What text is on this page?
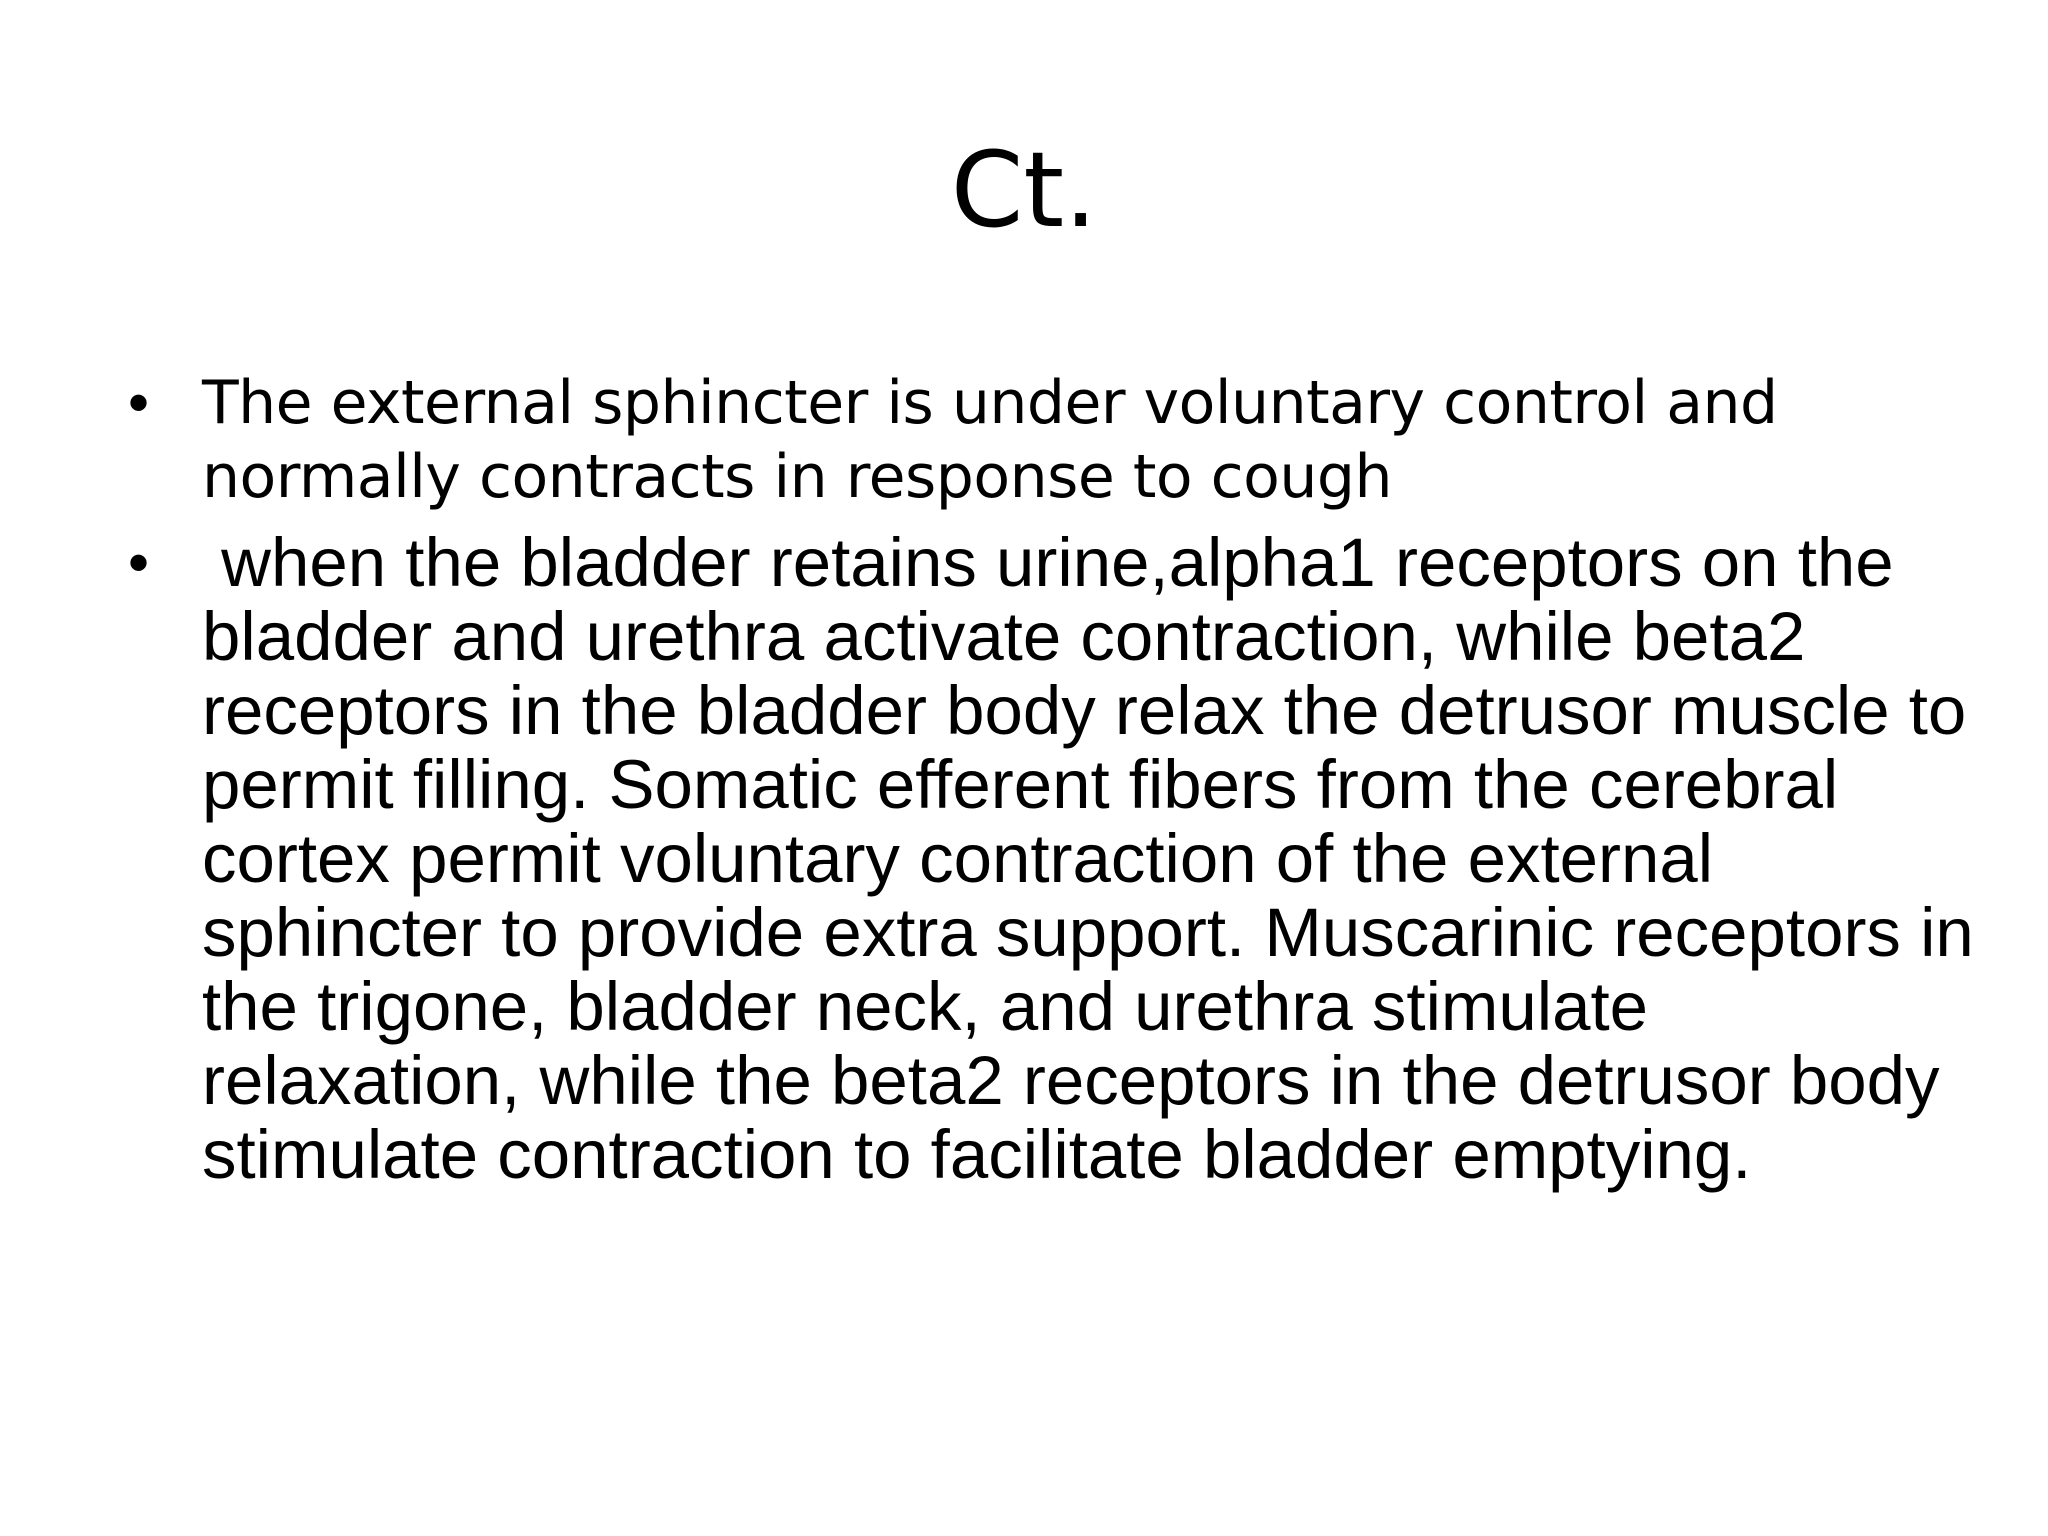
Ct.
• The external sphincter is under voluntary control and normally contracts in response to cough
• when the bladder retains urine,alpha1 receptors on the bladder and urethra activate contraction, while beta2 receptors in the bladder body relax the detrusor muscle to permit filling. Somatic efferent fibers from the cerebral cortex permit voluntary contraction of the external sphincter to provide extra support. Muscarinic receptors in the trigone, bladder neck, and urethra stimulate relaxation, while the beta2 receptors in the detrusor body stimulate contraction to facilitate bladder emptying.
